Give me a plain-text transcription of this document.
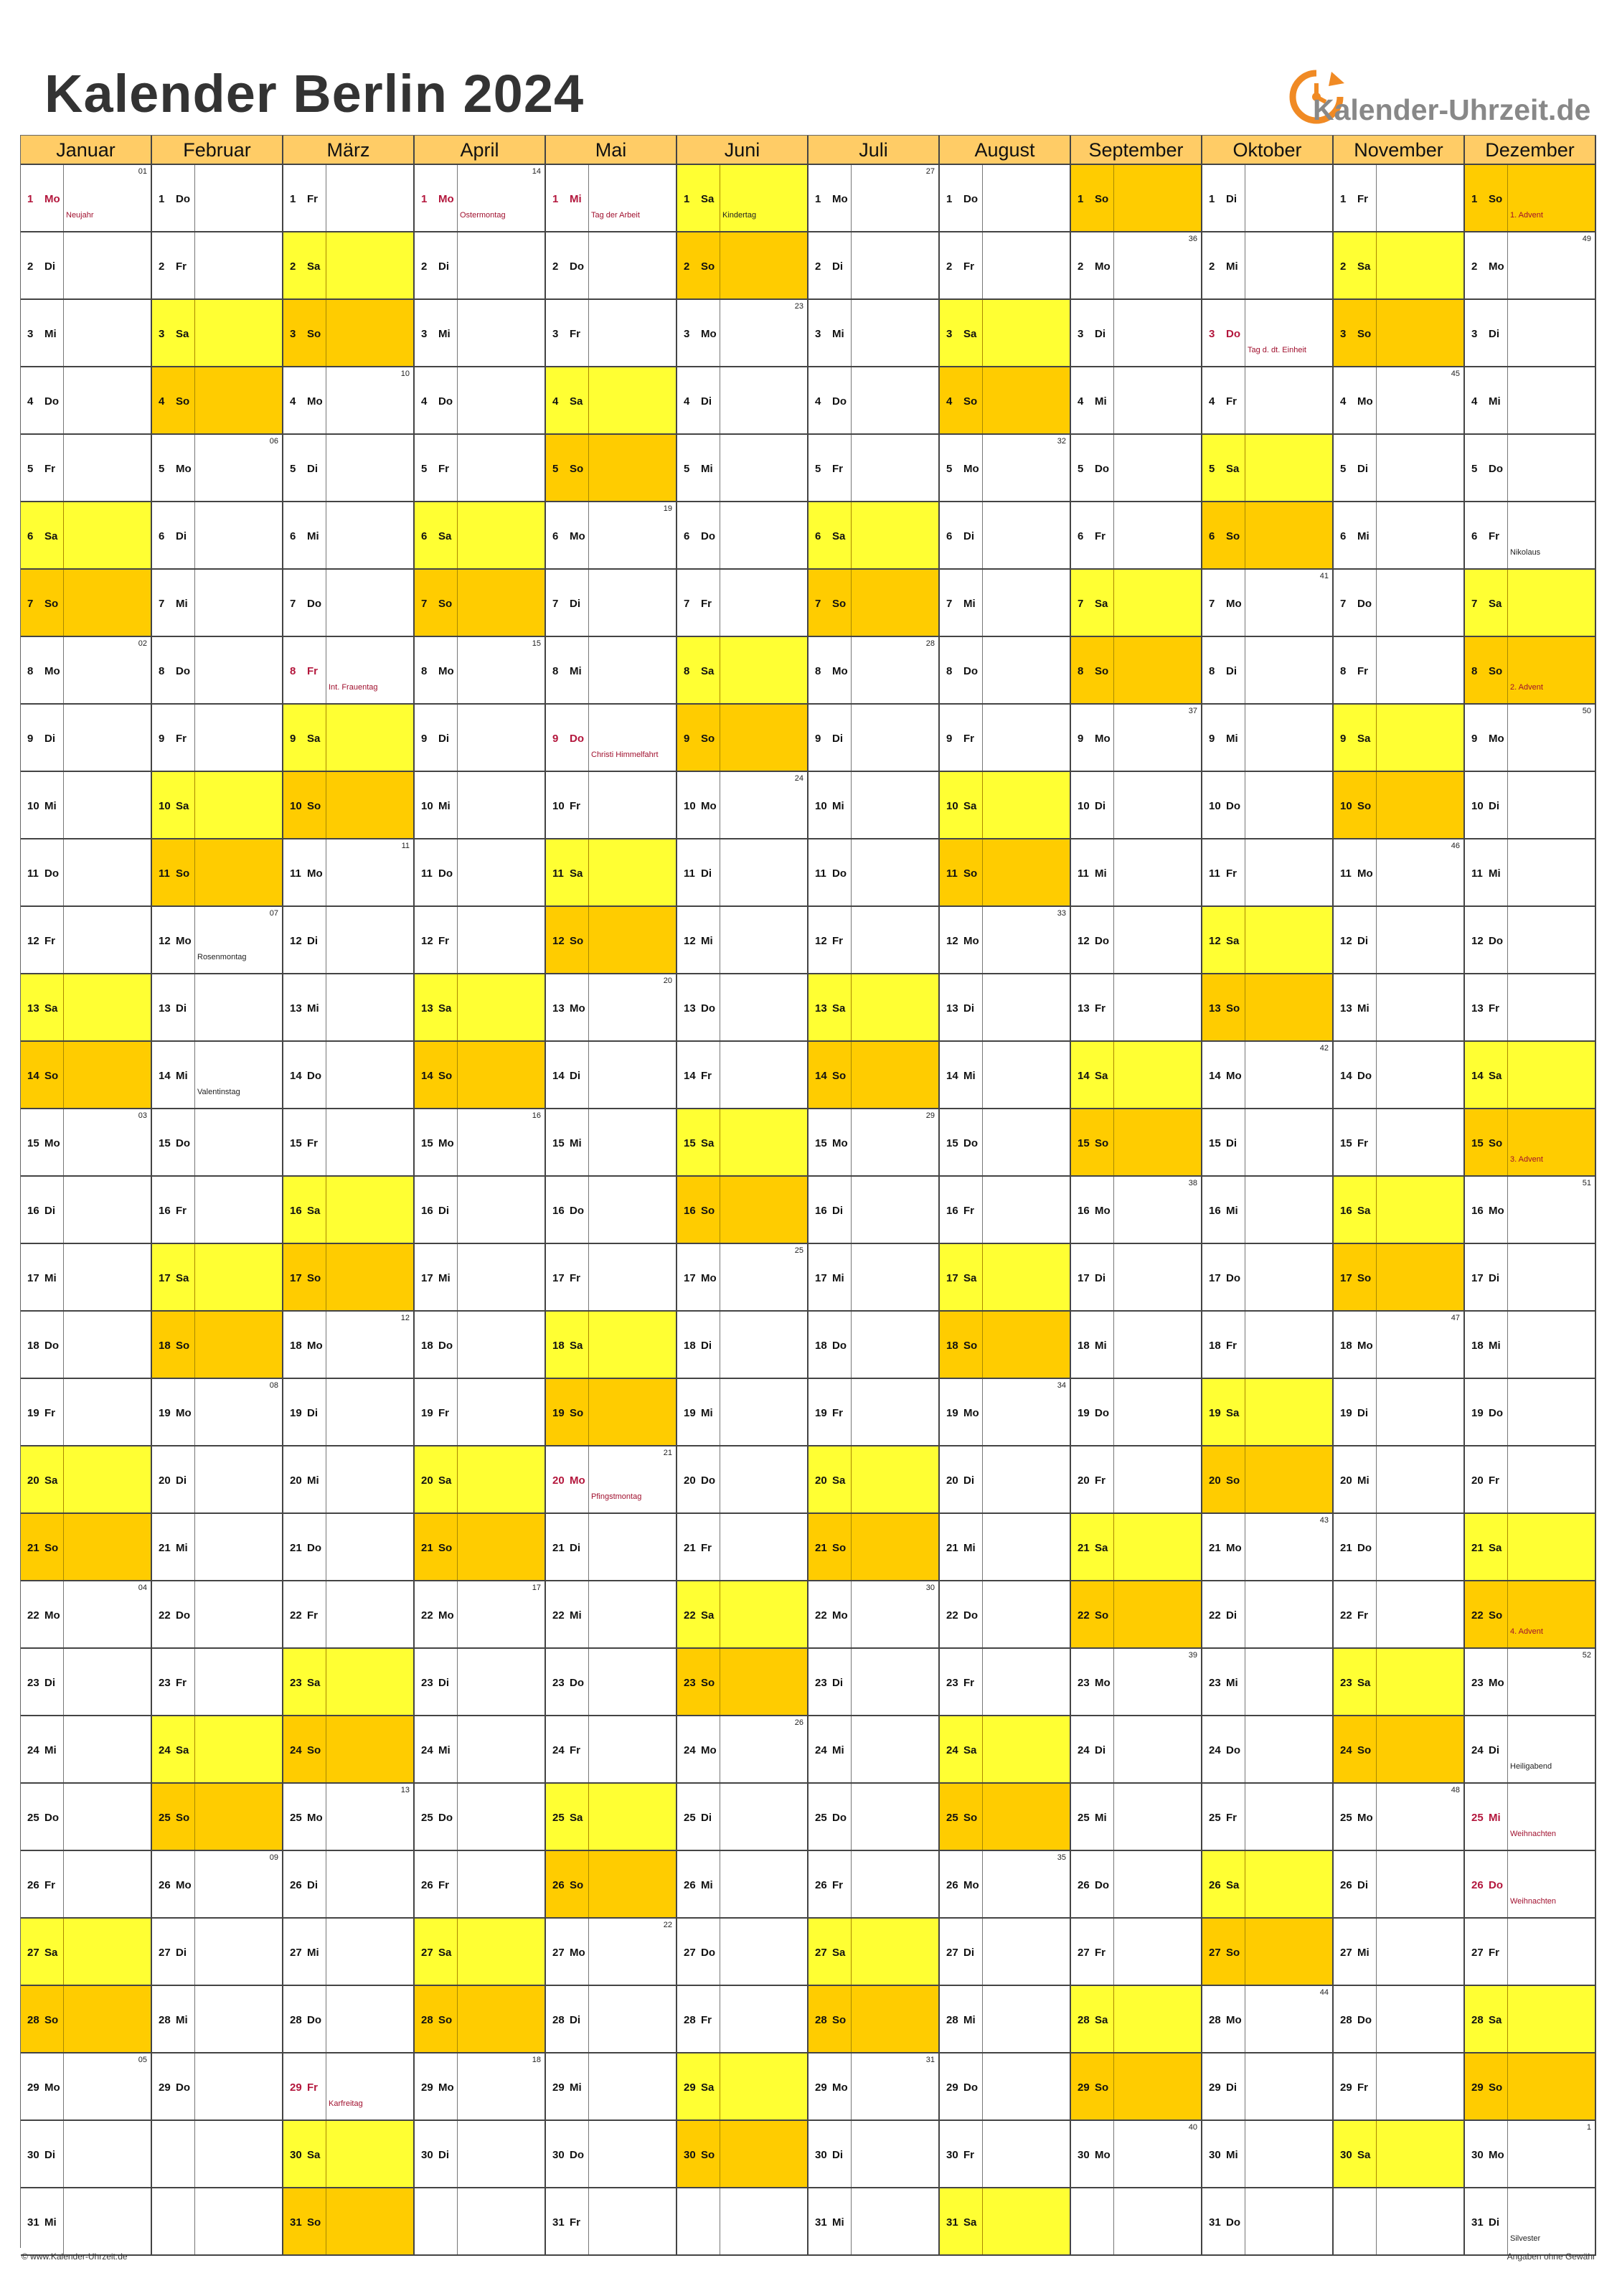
Kalender Berlin 2024	Kalender-Uhrzeit.de
Januar
1 Mo
01
Neujahr
2 Di
3 Mi
4 Do
5 Fr
6 Sa
7 So
8 Mo
02
9 Di
10 Mi
11 Do
12 Fr
13 Sa
14 So
15 Mo
03
16 Di
17 Mi
18 Do
19 Fr
20 Sa
21 So
22 Mo
04
23 Di
24 Mi
25 Do
26 Fr
27 Sa
28 So
29 Mo
05
30 Di
31 Mi
Februar
1 Do
2 Fr
3 Sa
4 So
5 Mo
06
6 Di
7 Mi
8 Do
9 Fr
10 Sa
11 So
12 Mo
07
Rosenmontag
13 Di
14 Mi
Valentinstag
15 Do
16 Fr
17 Sa
18 So
19 Mo
08
20 Di
21 Mi
22 Do
23 Fr
24 Sa
25 So
26 Mo
09
27 Di
28 Mi
29 Do
März
1 Fr
2 Sa
3 So
4 Mo
10
5 Di
6 Mi
7 Do
8 Fr
Int. Frauentag
9 Sa
10 So
11 Mo
11
12 Di
13 Mi
14 Do
15 Fr
16 Sa
17 So
18 Mo
12
19 Di
20 Mi
21 Do
22 Fr
23 Sa
24 So
25 Mo
13
26 Di
27 Mi
28 Do
29 Fr
Karfreitag
30 Sa
31 So
April
1 Mo
14
Ostermontag
2 Di
3 Mi
4 Do
5 Fr
6 Sa
7 So
8 Mo
15
9 Di
10 Mi
11 Do
12 Fr
13 Sa
14 So
15 Mo
16
16 Di
17 Mi
18 Do
19 Fr
20 Sa
21 So
22 Mo
17
23 Di
24 Mi
25 Do
26 Fr
27 Sa
28 So
29 Mo
18
30 Di
Mai
1 Mi
Tag der Arbeit
2 Do
3 Fr
4 Sa
5 So
6 Mo
19
7 Di
8 Mi
9 Do
Christi Himmelfahrt
10 Fr
11 Sa
12 So
13 Mo
20
14 Di
15 Mi
16 Do
17 Fr
18 Sa
19 So
20 Mo
21
Pfingstmontag
21 Di
22 Mi
23 Do
24 Fr
25 Sa
26 So
27 Mo
22
28 Di
29 Mi
30 Do
31 Fr
Juni
1 Sa
Kindertag
2 So
3 Mo
23
4 Di
5 Mi
6 Do
7 Fr
8 Sa
9 So
10 Mo
24
11 Di
12 Mi
13 Do
14 Fr
15 Sa
16 So
17 Mo
25
18 Di
19 Mi
20 Do
21 Fr
22 Sa
23 So
24 Mo
26
25 Di
26 Mi
27 Do
28 Fr
29 Sa
30 So
Juli
1 Mo
27
2 Di
3 Mi
4 Do
5 Fr
6 Sa
7 So
8 Mo
28
9 Di
10 Mi
11 Do
12 Fr
13 Sa
14 So
15 Mo
29
16 Di
17 Mi
18 Do
19 Fr
20 Sa
21 So
22 Mo
30
23 Di
24 Mi
25 Do
26 Fr
27 Sa
28 So
29 Mo
31
30 Di
31 Mi
August
1 Do
2 Fr
3 Sa
4 So
5 Mo
32
6 Di
7 Mi
8 Do
9 Fr
10 Sa
11 So
12 Mo
33
13 Di
14 Mi
15 Do
16 Fr
17 Sa
18 So
19 Mo
34
20 Di
21 Mi
22 Do
23 Fr
24 Sa
25 So
26 Mo
35
27 Di
28 Mi
29 Do
30 Fr
31 Sa
September
1 So
2 Mo
36
3 Di
4 Mi
5 Do
6 Fr
7 Sa
8 So
9 Mo
37
10 Di
11 Mi
12 Do
13 Fr
14 Sa
15 So
16 Mo
38
17 Di
18 Mi
19 Do
20 Fr
21 Sa
22 So
23 Mo
39
24 Di
25 Mi
26 Do
27 Fr
28 Sa
29 So
30 Mo
40
Oktober
1 Di
2 Mi
3 Do
Tag d. dt. Einheit
4 Fr
5 Sa
6 So
7 Mo
41
8 Di
9 Mi
10 Do
11 Fr
12 Sa
13 So
14 Mo
42
15 Di
16 Mi
17 Do
18 Fr
19 Sa
20 So
21 Mo
43
22 Di
23 Mi
24 Do
25 Fr
26 Sa
27 So
28 Mo
44
29 Di
30 Mi
31 Do
November
1 Fr
2 Sa
3 So
4 Mo
45
5 Di
6 Mi
7 Do
8 Fr
9 Sa
10 So
11 Mo
46
12 Di
13 Mi
14 Do
15 Fr
16 Sa
17 So
18 Mo
47
19 Di
20 Mi
21 Do
22 Fr
23 Sa
24 So
25 Mo
48
26 Di
27 Mi
28 Do
29 Fr
30 Sa
Dezember
1 So
1. Advent
2 Mo
49
3 Di
4 Mi
5 Do
6 Fr
Nikolaus
7 Sa
8 So
2. Advent
9 Mo
50
10 Di
11 Mi
12 Do
13 Fr
14 Sa
15 So
3. Advent
16 Mo
51
17 Di
18 Mi
19 Do
20 Fr
21 Sa
22 So
4. Advent
23 Mo
52
24 Di
Heiligabend
25 Mi
Weihnachten
26 Do
Weihnachten
27 Fr
28 Sa
29 So
30 Mo
1
31 Di
Silvester
© www.Kalender-Uhrzeit.de	Angaben ohne Gewähr
